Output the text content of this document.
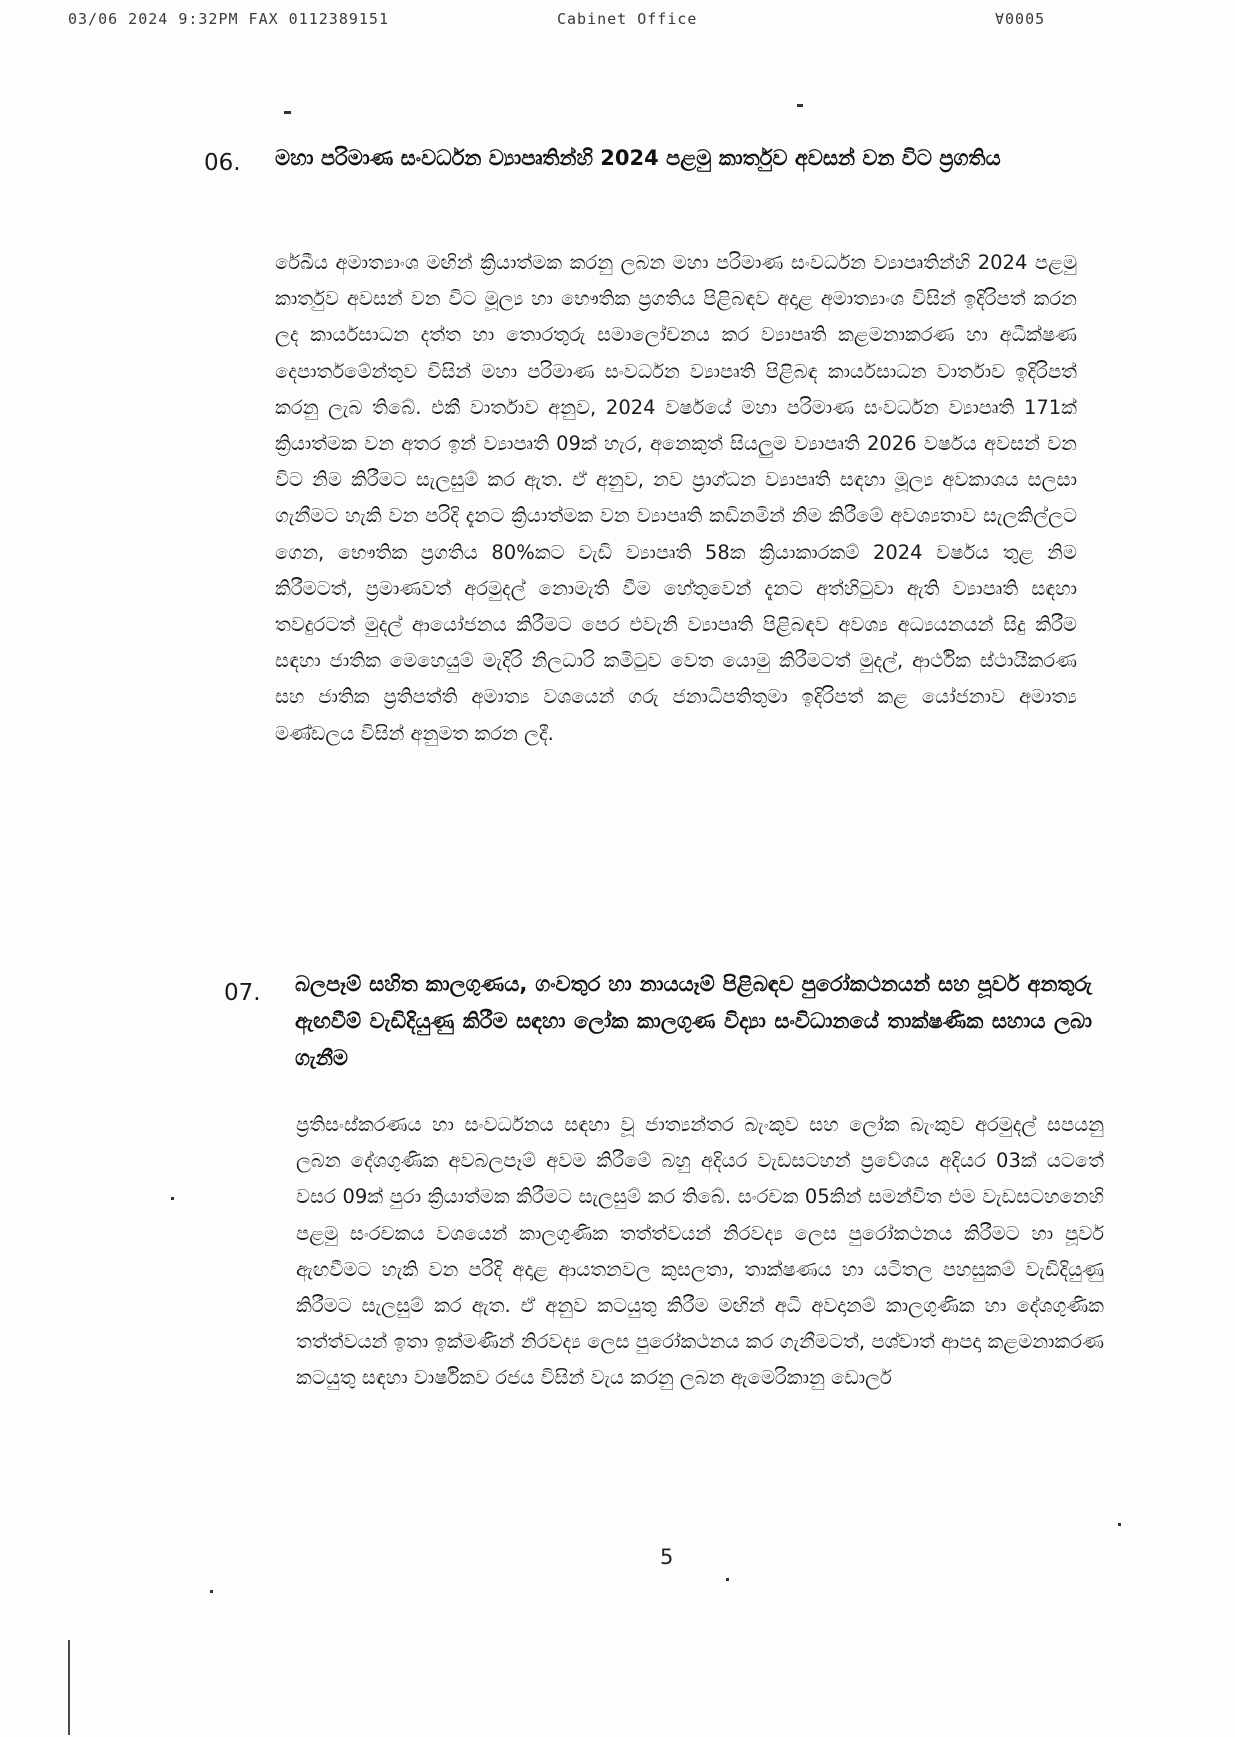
03/06 2024 9:32PM FAX 0112389151	Cabinet Office	∀0005
06. මහා පරිමාණ සංවර්ධන ව්‍යාපෘතින්හි 2024 පළමු කාර්තුව අවසන් වන විට ප්‍රගතිය
රේඛීය අමාත්‍යාංශ මඟින් ක්‍රියාත්මක කරනු ලබන මහා පරිමාණ සංවර්ධන ව්‍යාපෘතින්හි 2024 පළමු කාර්තුව අවසන් වන විට මූල්‍ය හා භෞතික ප්‍රගතිය පිළිබඳව අදාළ අමාත්‍යාංශ විසින් ඉදිරිපත් කරන ලද කාර්යසාධන දත්ත හා තොරතුරු සමාලෝචනය කර ව්‍යාපෘති කළමනාකරණ හා අධීක්ෂණ දෙපාර්තමේන්තුව විසින් මහා පරිමාණ සංවර්ධන ව්‍යාපෘති පිළිබඳ කාර්යසාධන වාර්තාව ඉදිරිපත් කරනු ලැබ තිබේ. එකී වාර්තාව අනුව, 2024 වර්ෂයේ මහා පරිමාණ සංවර්ධන ව්‍යාපෘති 171ක් ක්‍රියාත්මක වන අතර ඉන් ව්‍යාපෘති 09ක් හැර, අනෙකුත් සියලුම ව්‍යාපෘති 2026 වර්ෂය අවසන් වන විට නිම කිරීමට සැලසුම් කර ඇත. ඒ අනුව, නව ප්‍රාග්ධන ව්‍යාපෘති සඳහා මූල්‍ය අවකාශය සලසා ගැනීමට හැකි වන පරිදි දැනට ක්‍රියාත්මක වන ව්‍යාපෘති කඩිනමින් නිම කිරීමේ අවශ්‍යතාව සැලකිල්ලට ගෙන, භෞතික ප්‍රගතිය 80%කට වැඩි ව්‍යාපෘති 58ක ක්‍රියාකාරකම් 2024 වර්ෂය තුළ නිම කිරීමටත්, ප්‍රමාණවත් අරමුදල් නොමැති වීම හේතුවෙන් දැනට අත්හිටුවා ඇති ව්‍යාපෘති සඳහා තවදුරටත් මුදල් ආයෝජනය කිරීමට පෙර එවැනි ව්‍යාපෘති පිළිබඳව අවශ්‍ය අධ්‍යයනයන් සිදු කිරීම සඳහා ජාතික මෙහෙයුම් මැදිරි නිලධාරි කමිටුව වෙත යොමු කිරීමටත් මුදල්, ආර්ථික ස්ථායීකරණ සහ ජාතික ප්‍රතිපත්ති අමාත්‍ය වශයෙන් ගරු ජනාධිපතිතුමා ඉදිරිපත් කළ යෝජනාව අමාත්‍ය මණ්ඩලය විසින් අනුමත කරන ලදී.
07. බලපෑම් සහිත කාලගුණය, ගංවතුර හා නායයෑම් පිළිබඳව පුරෝකථනයන් සහ පූර්ව අනතුරු ඇඟවීම් වැඩිදියුණු කිරීම සඳහා ලෝක කාලගුණ විද්‍යා සංවිධානයේ තාක්ෂණික සහාය ලබා ගැනීම
ප්‍රතිසංස්කරණය හා සංවර්ධනය සඳහා වූ ජාත්‍යන්තර බැංකුව සහ ලෝක බැංකුව අරමුදල් සපයනු ලබන දේශගුණික අවබලපෑම් අවම කිරීමේ බහු අදියර වැඩසටහන් ප්‍රවේශය අදියර 03ක් යටතේ වසර 09ක් පුරා ක්‍රියාත්මක කිරීමට සැලසුම් කර තිබේ. සංරචක 05කින් සමන්විත එම වැඩසටහනෙහි පළමු සංරචකය වශයෙන් කාලගුණික තත්ත්වයන් නිරවද්‍ය ලෙස පුරෝකථනය කිරීමට හා පූර්ව ඇඟවීමට හැකි වන පරිදි අදාළ ආයතනවල කුසලතා, තාක්ෂණය හා යටිතල පහසුකම් වැඩිදියුණු කිරීමට සැලසුම් කර ඇත. ඒ අනුව කටයුතු කිරීම මඟින් අධි අවදානම් කාලගුණික හා දේශගුණික තත්ත්වයන් ඉතා ඉක්මණින් නිරවද්‍ය ලෙස පුරෝකථනය කර ගැනීමටත්, පශ්චාත් ආපදා කළමනාකරණ කටයුතු සඳහා වාර්ෂිකව රජය විසින් වැය කරනු ලබන ඇමෙරිකානු ඩොලර්
5
